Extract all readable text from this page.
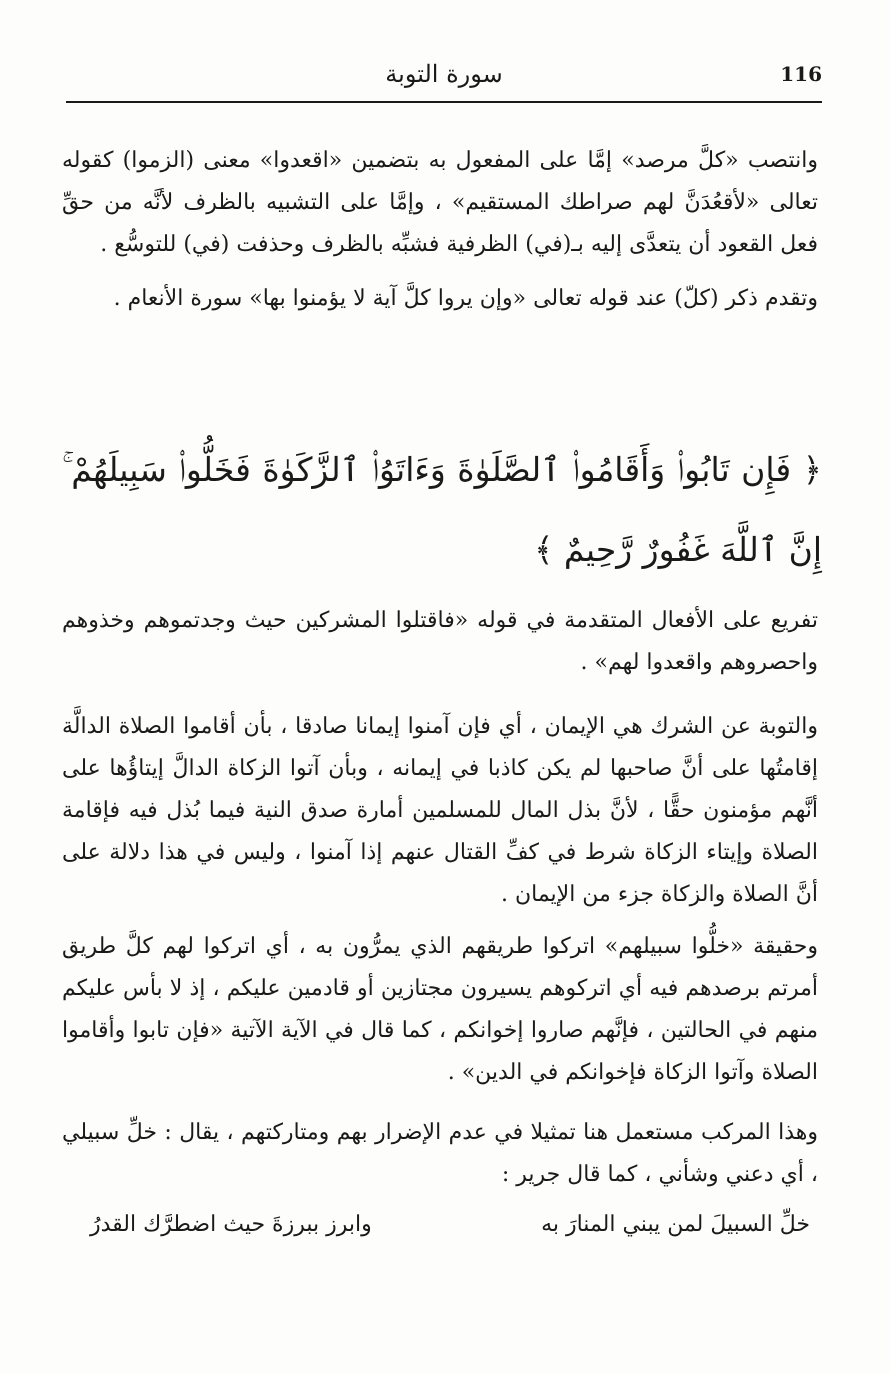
116
سورة التوبة
وانتصب «كلَّ مرصد» إمَّا على المفعول به بتضمين «اقعدوا» معنى (الزموا) كقوله تعالى «لأقعُدَنَّ لهم صراطك المستقيم» ، وإمَّا على التشبيه بالظرف لأنَّه من حقِّ فعل القعود أن يتعدَّى إليه بـ(في) الظرفية فشبِّه بالظرف وحذفت (في) للتوسُّع .
وتقدم ذكر (كلّ) عند قوله تعالى «وإن يروا كلَّ آية لا يؤمنوا بها» سورة الأنعام .
﴿ فَإِن تَابُوا۟ وَأَقَامُوا۟ ٱلصَّلَوٰةَ وَءَاتَوُا۟ ٱلزَّكَوٰةَ فَخَلُّوا۟ سَبِيلَهُمْ ۚ إِنَّ ٱللَّهَ غَفُورٌ رَّحِيمٌ ﴾
تفريع على الأفعال المتقدمة في قوله «فاقتلوا المشركين حيث وجدتموهم وخذوهم واحصروهم واقعدوا لهم» .
والتوبة عن الشرك هي الإيمان ، أي فإن آمنوا إيمانا صادقا ، بأن أقاموا الصلاة الدالَّة إقامتُها على أنَّ صاحبها لم يكن كاذبا في إيمانه ، وبأن آتوا الزكاة الدالَّ إيتاؤُها على أنَّهم مؤمنون حقًّا ، لأنَّ بذل المال للمسلمين أمارة صدق النية فيما بُذل فيه فإقامة الصلاة وإيتاء الزكاة شرط في كفِّ القتال عنهم إذا آمنوا ، وليس في هذا دلالة على أنَّ الصلاة والزكاة جزء من الإيمان .
وحقيقة «خلُّوا سبيلهم» اتركوا طريقهم الذي يمرُّون به ، أي اتركوا لهم كلَّ طريق أمرتم برصدهم فيه أي اتركوهم يسيرون مجتازين أو قادمين عليكم ، إذ لا بأس عليكم منهم في الحالتين ، فإنَّهم صاروا إخوانكم ، كما قال في الآية الآتية «فإن تابوا وأقاموا الصلاة وآتوا الزكاة فإخوانكم في الدين» .
وهذا المركب مستعمل هنا تمثيلا في عدم الإضرار بهم ومتاركتهم ، يقال : خلِّ سبيلي ، أي دعني وشأني ، كما قال جرير :
خلِّ السبيلَ لمن يبني المنارَ به
وابرز ببرزةَ حيث اضطرَّك القدرُ
